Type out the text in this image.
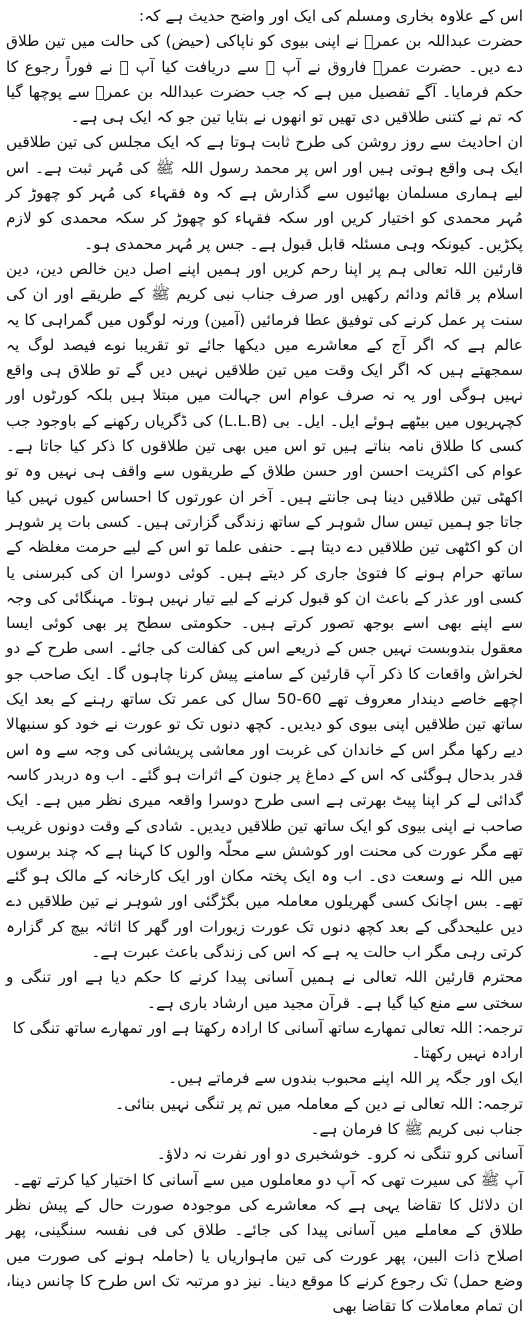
اس کے علاوہ بخاری ومسلم کی ایک اور واضح حدیث ہے کہ:

حضرت عبداللہ بن عمرؓ نے اپنی بیوی کو ناپاکی (حیض) کی حالت میں تین طلاق دے دیں۔ حضرت عمرؓ فاروق نے آپ ﷺ سے دریافت کیا آپ ﷺ نے فوراً رجوع کا حکم فرمایا۔ آگے تفصیل میں ہے کہ جب حضرت عبداللہ بن عمرؓ سے پوچھا گیا کہ تم نے کتنی طلاقیں دی تھیں تو انھوں نے بتایا تین جو کہ ایک ہی ہے۔

ان احادیث سے روز روشن کی طرح ثابت ہوتا ہے کہ ایک مجلس کی تین طلاقیں ایک ہی واقع ہوتی ہیں اور اس پر محمد رسول اللہ ﷺ کی مُہر ثبت ہے۔ اس لیے ہماری مسلمان بھائیوں سے گذارش ہے کہ وہ فقہاء کی مُہر کو چھوڑ کر مُہر محمدی کو اختیار کریں اور سکہ فقہاء کو چھوڑ کر سکہ محمدی کو لازم پکڑیں۔ کیونکہ وہی مسئلہ قابل قبول ہے۔ جس پر مُہر محمدی ہو۔

قارئین اللہ تعالی ہم پر اپنا رحم کریں اور ہمیں اپنے اصل دین خالص دین، دین اسلام پر قائم ودائم رکھیں اور صرف جناب نبی کریم ﷺ کے طریقے اور ان کی سنت پر عمل کرنے کی توفیق عطا فرمائیں (آمین) ورنہ لوگوں میں گمراہی کا یہ عالم ہے کہ اگر آج کے معاشرے میں دیکھا جائے تو تقریبا نوے فیصد لوگ یہ سمجھتے ہیں کہ اگر ایک وقت میں تین طلاقیں نہیں دیں گے تو طلاق ہی واقع نہیں ہوگی اور یہ نہ صرف عوام اس جہالت میں مبتلا ہیں بلکہ کورٹوں اور کچہریوں میں بیٹھے ہوئے ایل۔ ایل۔ بی (L.L.B) کی ڈگریاں رکھنے کے باوجود جب کسی کا طلاق نامہ بناتے ہیں تو اس میں بھی تین طلاقوں کا ذکر کیا جاتا ہے۔ عوام کی اکثریت احسن اور حسن طلاق کے طریقوں سے واقف ہی نہیں وہ تو اکھٹی تین طلاقیں دینا ہی جانتے ہیں۔ آخر ان عورتوں کا احساس کیوں نہیں کیا جاتا جو ہمیں تیس سال شوہر کے ساتھ زندگی گزارتی ہیں۔ کسی بات پر شوہر ان کو اکٹھی تین طلاقیں دے دیتا ہے۔ حنفی علما تو اس کے لیے حرمت مغلظہ کے ساتھ حرام ہونے کا فتویٰ جاری کر دیتے ہیں۔ کوئی دوسرا ان کی کبرسنی یا کسی اور عذر کے باعث ان کو قبول کرنے کے لیے تیار نہیں ہوتا۔ مہنگائی کی وجہ سے اپنے بھی اسے بوجھ تصور کرتے ہیں۔ حکومتی سطح پر بھی کوئی ایسا معقول بندوبست نہیں جس کے ذریعے اس کی کفالت کی جائے۔ اسی طرح کے دو لخراش واقعات کا ذکر آپ قارئین کے سامنے پیش کرنا چاہوں گا۔ ایک صاحب جو اچھے خاصے دیندار معروف تھے 60-50 سال کی عمر تک ساتھ رہنے کے بعد ایک ساتھ تین طلاقیں اپنی بیوی کو دیدیں۔ کچھ دنوں تک تو عورت نے خود کو سنبھالا دیے رکھا مگر اس کے خاندان کی غربت اور معاشی پریشانی کی وجہ سے وہ اس قدر بدحال ہوگئی کہ اس کے دماغ پر جنون کے اثرات ہو گئے۔ اب وہ دربدر کاسہ گدائی لے کر اپنا پیٹ بھرتی ہے اسی طرح دوسرا واقعہ میری نظر میں ہے۔ ایک صاحب نے اپنی بیوی کو ایک ساتھ تین طلاقیں دیدیں۔ شادی کے وقت دونوں غریب تھے مگر عورت کی محنت اور کوشش سے محلّہ والوں کا کہنا ہے کہ چند برسوں میں اللہ نے وسعت دی۔ اب وہ ایک پختہ مکان اور ایک کارخانہ کے مالک ہو گئے تھے۔ بس اچانک کسی گھریلوں معاملہ میں بگڑگئی اور شوہر نے تین طلاقیں دے دیں علیحدگی کے بعد کچھ دنوں تک عورت زیورات اور گھر کا اثاثہ بیچ کر گزارہ کرتی رہی مگر اب حالت یہ ہے کہ اس کی زندگی باعث عبرت ہے۔

محترم قارئین اللہ تعالی نے ہمیں آسانی پیدا کرنے کا حکم دیا ہے اور تنگی و سختی سے منع کیا گیا ہے۔ قرآن مجید میں ارشاد باری ہے۔

ترجمہ: اللہ تعالی تمھارے ساتھ آسانی کا ارادہ رکھتا ہے اور تمھارے ساتھ تنگی کا ارادہ نہیں رکھتا۔

ایک اور جگہ پر اللہ اپنے محبوب بندوں سے فرماتے ہیں۔

ترجمہ: اللہ تعالی نے دین کے معاملہ میں تم پر تنگی نہیں بنائی۔

جناب نبی کریم ﷺ کا فرمان ہے۔

آسانی کرو تنگی نہ کرو۔ خوشخبری دو اور نفرت نہ دلاؤ۔

آپ ﷺ کی سیرت تھی کہ آپ دو معاملوں میں سے آسانی کا اختیار کیا کرتے تھے۔

ان دلائل کا تقاضا یہی ہے کہ معاشرے کی موجودہ صورت حال کے پیش نظر طلاق کے معاملے میں آسانی پیدا کی جائے۔ طلاق کی فی نفسہ سنگینی، پھر اصلاح ذات البین، پھر عورت کی تین ماہواریاں یا (حاملہ ہونے کی صورت میں وضع حمل) تک رجوع کرنے کا موقع دینا۔ نیز دو مرتبہ تک اس طرح کا چانس دینا، ان تمام معاملات کا تقاضا بھی
